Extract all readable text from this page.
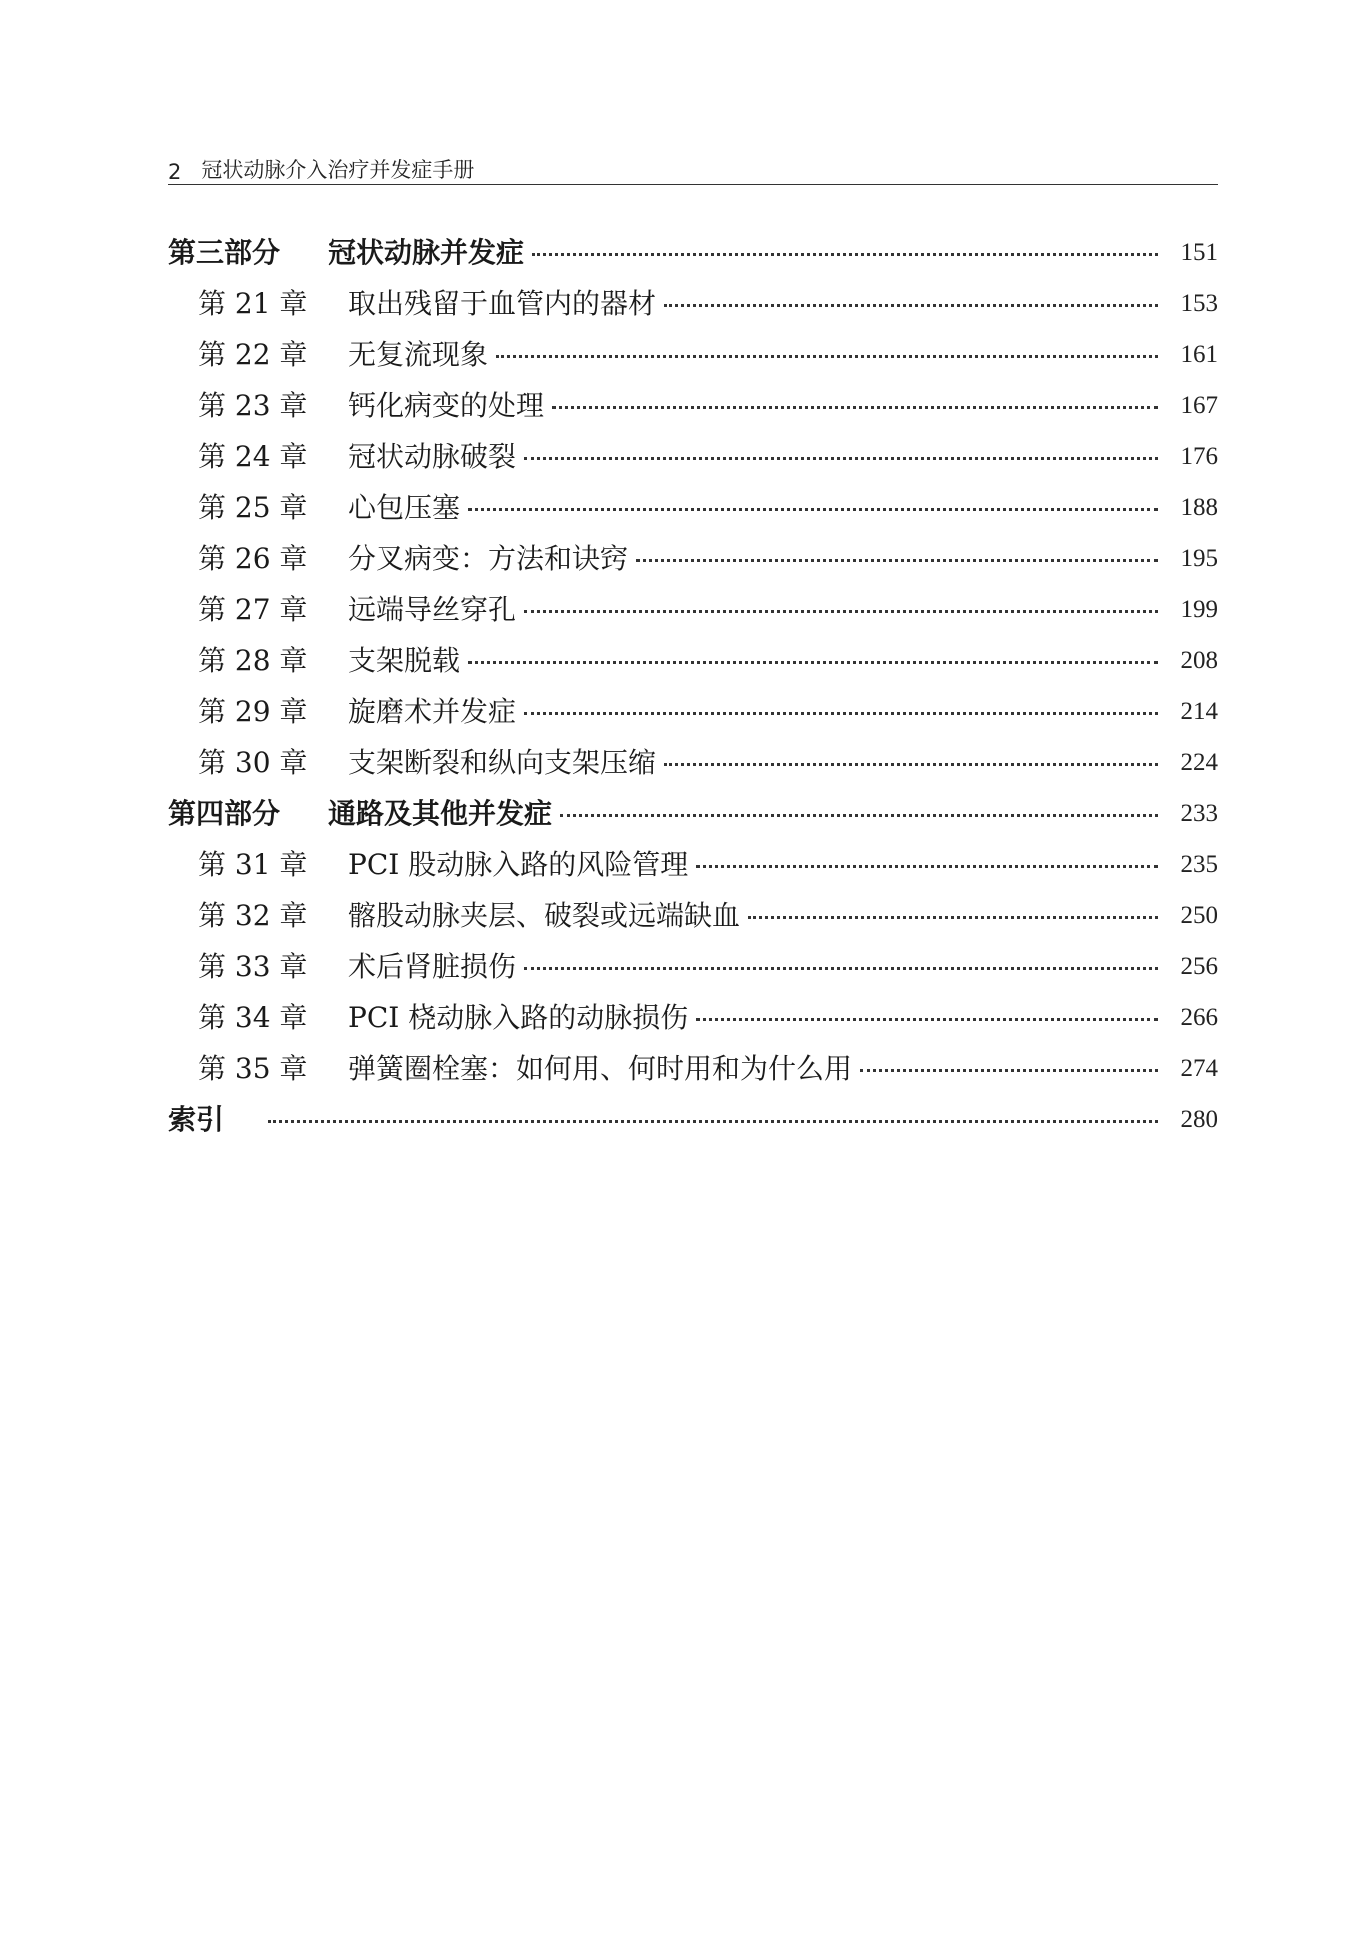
2 冠状动脉介入治疗并发症手册
第三部分	冠状动脉并发症	151
第 21 章	取出残留于血管内的器材	153
第 22 章	无复流现象	161
第 23 章	钙化病变的处理	167
第 24 章	冠状动脉破裂	176
第 25 章	心包压塞	188
第 26 章	分叉病变：方法和诀窍	195
第 27 章	远端导丝穿孔	199
第 28 章	支架脱载	208
第 29 章	旋磨术并发症	214
第 30 章	支架断裂和纵向支架压缩	224
第四部分	通路及其他并发症	233
第 31 章	PCI 股动脉入路的风险管理	235
第 32 章	髂股动脉夹层、破裂或远端缺血	250
第 33 章	术后肾脏损伤	256
第 34 章	PCI 桡动脉入路的动脉损伤	266
第 35 章	弹簧圈栓塞：如何用、何时用和为什么用	274
索引	280
